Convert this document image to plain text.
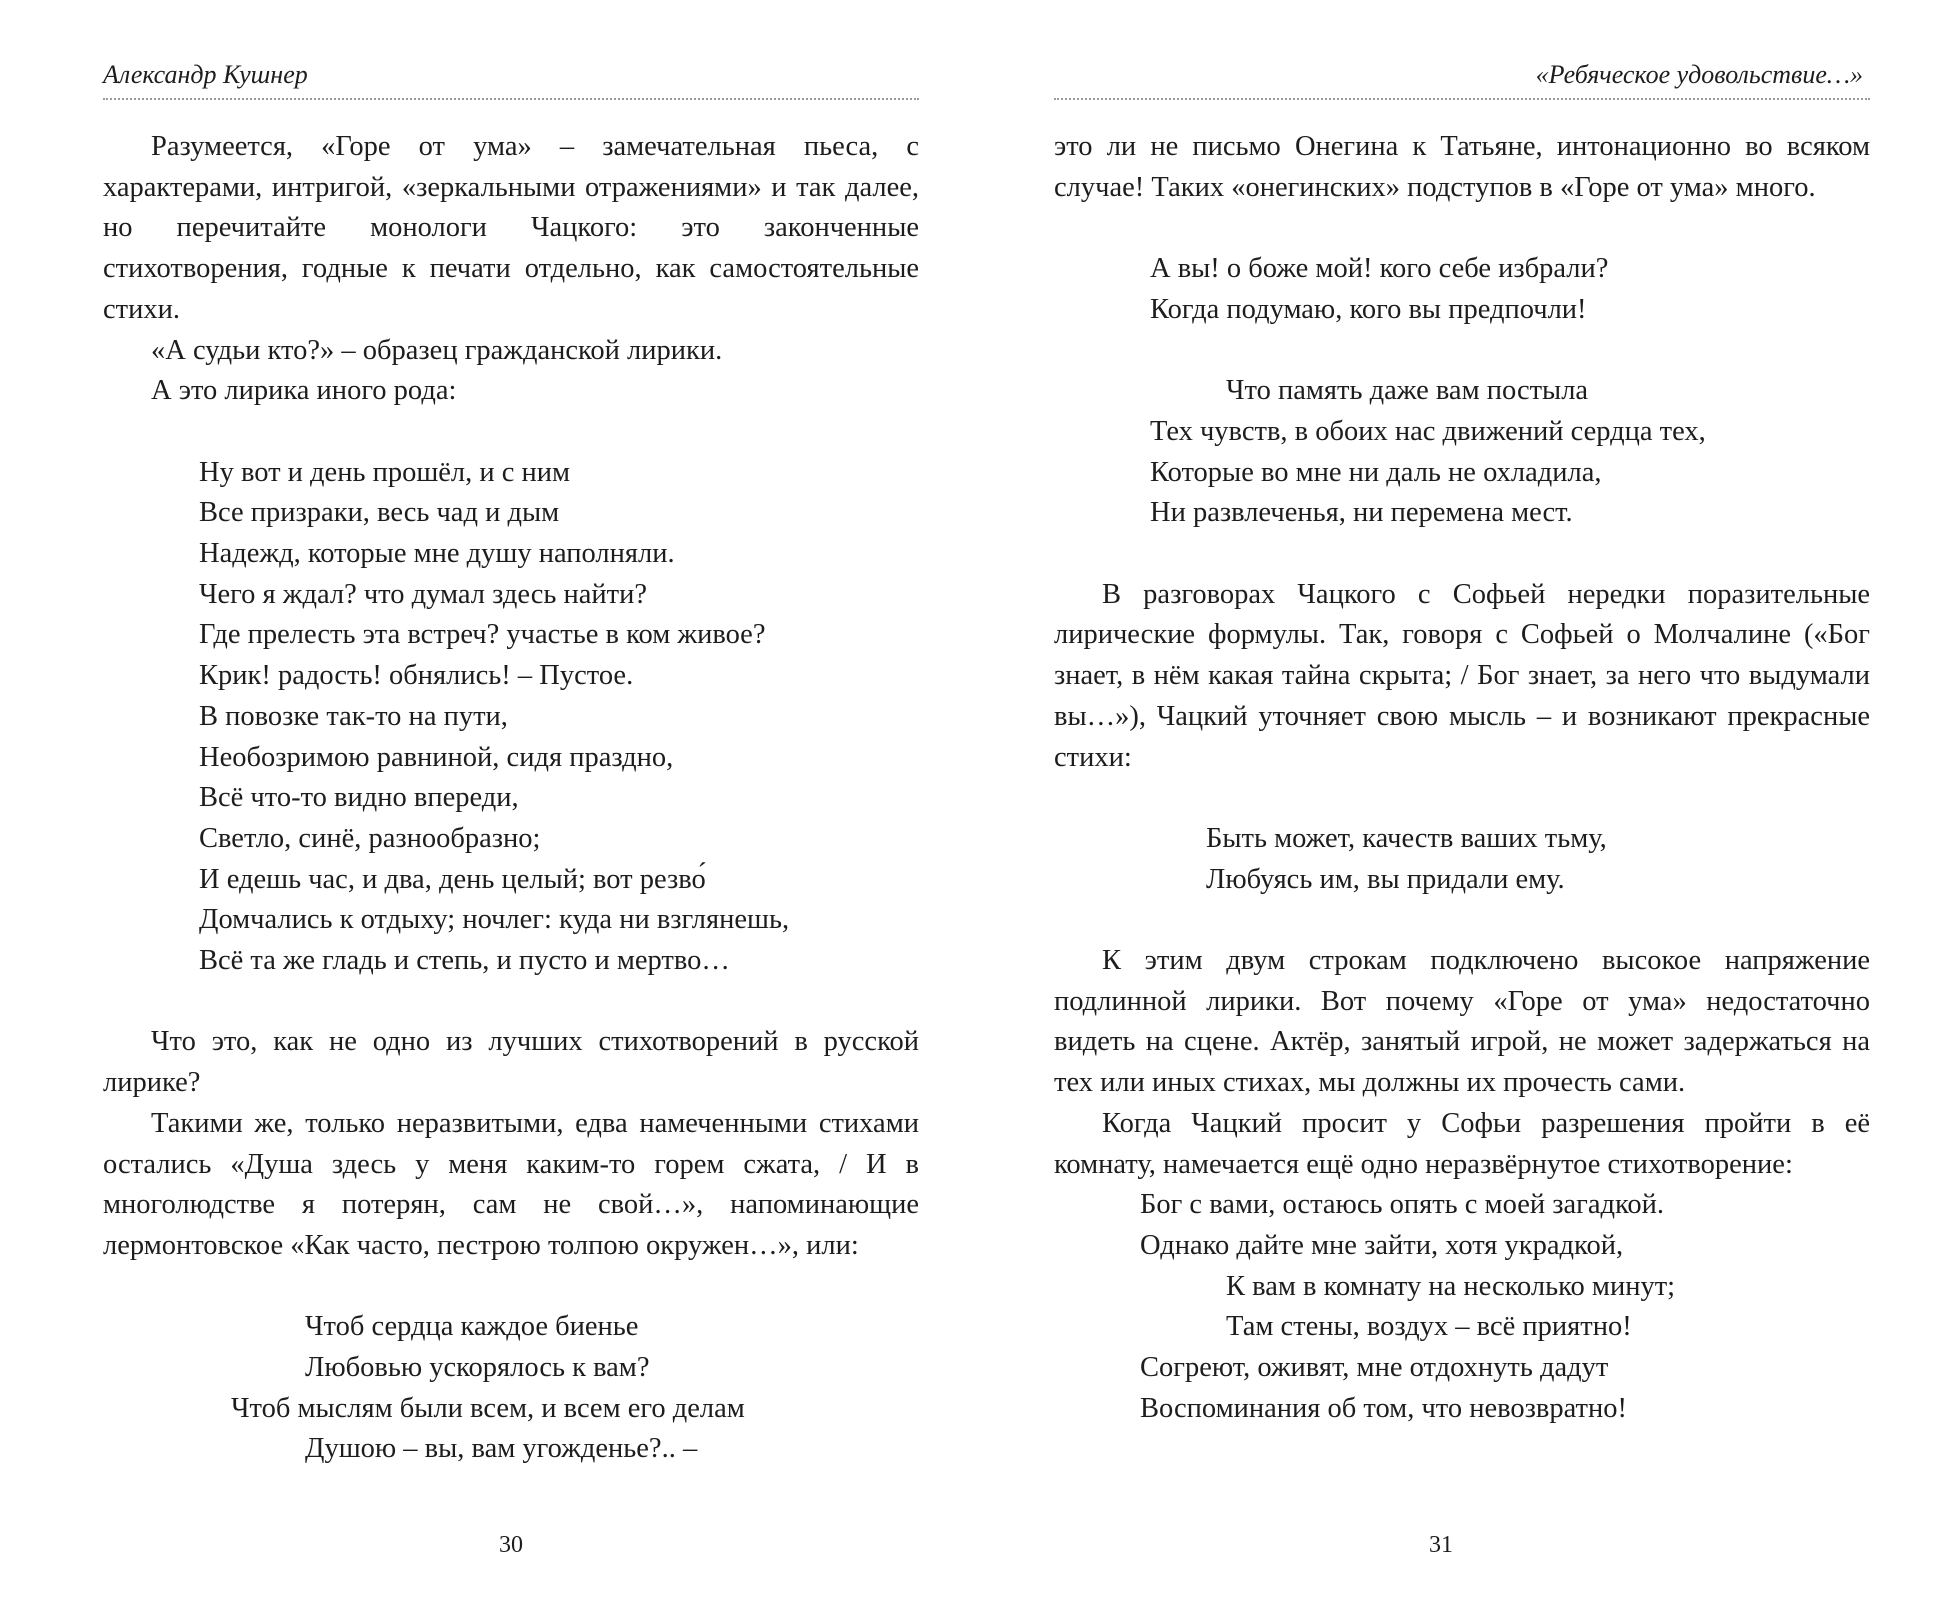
Александр Кушнер

Разумеется, «Горе от ума» – замечательная пьеса, с характерами, интригой, «зеркальными отражениями» и так далее, но перечитайте монологи Чацкого: это законченные стихотворения, годные к печати отдельно, как самостоятельные стихи.

«А судьи кто?» – образец гражданской лирики.

А это лирика иного рода:

Ну вот и день прошёл, и с ним
Все призраки, весь чад и дым
Надежд, которые мне душу наполняли.
Чего я ждал? что думал здесь найти?
Где прелесть эта встреч? участье в ком живое?
Крик! радость! обнялись! – Пустое.
В повозке так-то на пути,
Необозримою равниной, сидя праздно,
Всё что-то видно впереди,
Светло, синё, разнообразно;
И едешь час, и два, день целый; вот резво́
Домчались к отдыху; ночлег: куда ни взглянешь,
Всё та же гладь и степь, и пусто и мертво…

Что это, как не одно из лучших стихотворений в русской лирике?

Такими же, только неразвитыми, едва намеченными стихами остались «Душа здесь у меня каким-то горем сжата, / И в многолюдстве я потерян, сам не свой…», напоминающие лермонтовское «Как часто, пестрою толпою окружен…», или:

Чтоб сердца каждое биенье
Любовью ускорялось к вам?
Чтоб мыслям были всем, и всем его делам
Душою – вы, вам угожденье?.. –
30
«Ребяческое удовольствие…»

это ли не письмо Онегина к Татьяне, интонационно во всяком случае! Таких «онегинских» подступов в «Горе от ума» много.

А вы! о боже мой! кого себе избрали?
Когда подумаю, кого вы предпочли!
Что память даже вам постыла
Тех чувств, в обоих нас движений сердца тех,
Которые во мне ни даль не охладила,
Ни развлеченья, ни перемена мест.

В разговорах Чацкого с Софьей нередки поразительные лирические формулы. Так, говоря с Софьей о Молчалине («Бог знает, в нём какая тайна скрыта; / Бог знает, за него что выдумали вы…»), Чацкий уточняет свою мысль – и возникают прекрасные стихи:

Быть может, качеств ваших тьму,
Любуясь им, вы придали ему.

К этим двум строкам подключено высокое напряжение подлинной лирики. Вот почему «Горе от ума» недостаточно видеть на сцене. Актёр, занятый игрой, не может задержаться на тех или иных стихах, мы должны их прочесть сами.

Когда Чацкий просит у Софьи разрешения пройти в её комнату, намечается ещё одно неразвёрнутое стихотворение:

Бог с вами, остаюсь опять с моей загадкой.
Однако дайте мне зайти, хотя украдкой,
К вам в комнату на несколько минут;
Там стены, воздух – всё приятно!
Согреют, оживят, мне отдохнуть дадут
Воспоминания об том, что невозвратно!
31
